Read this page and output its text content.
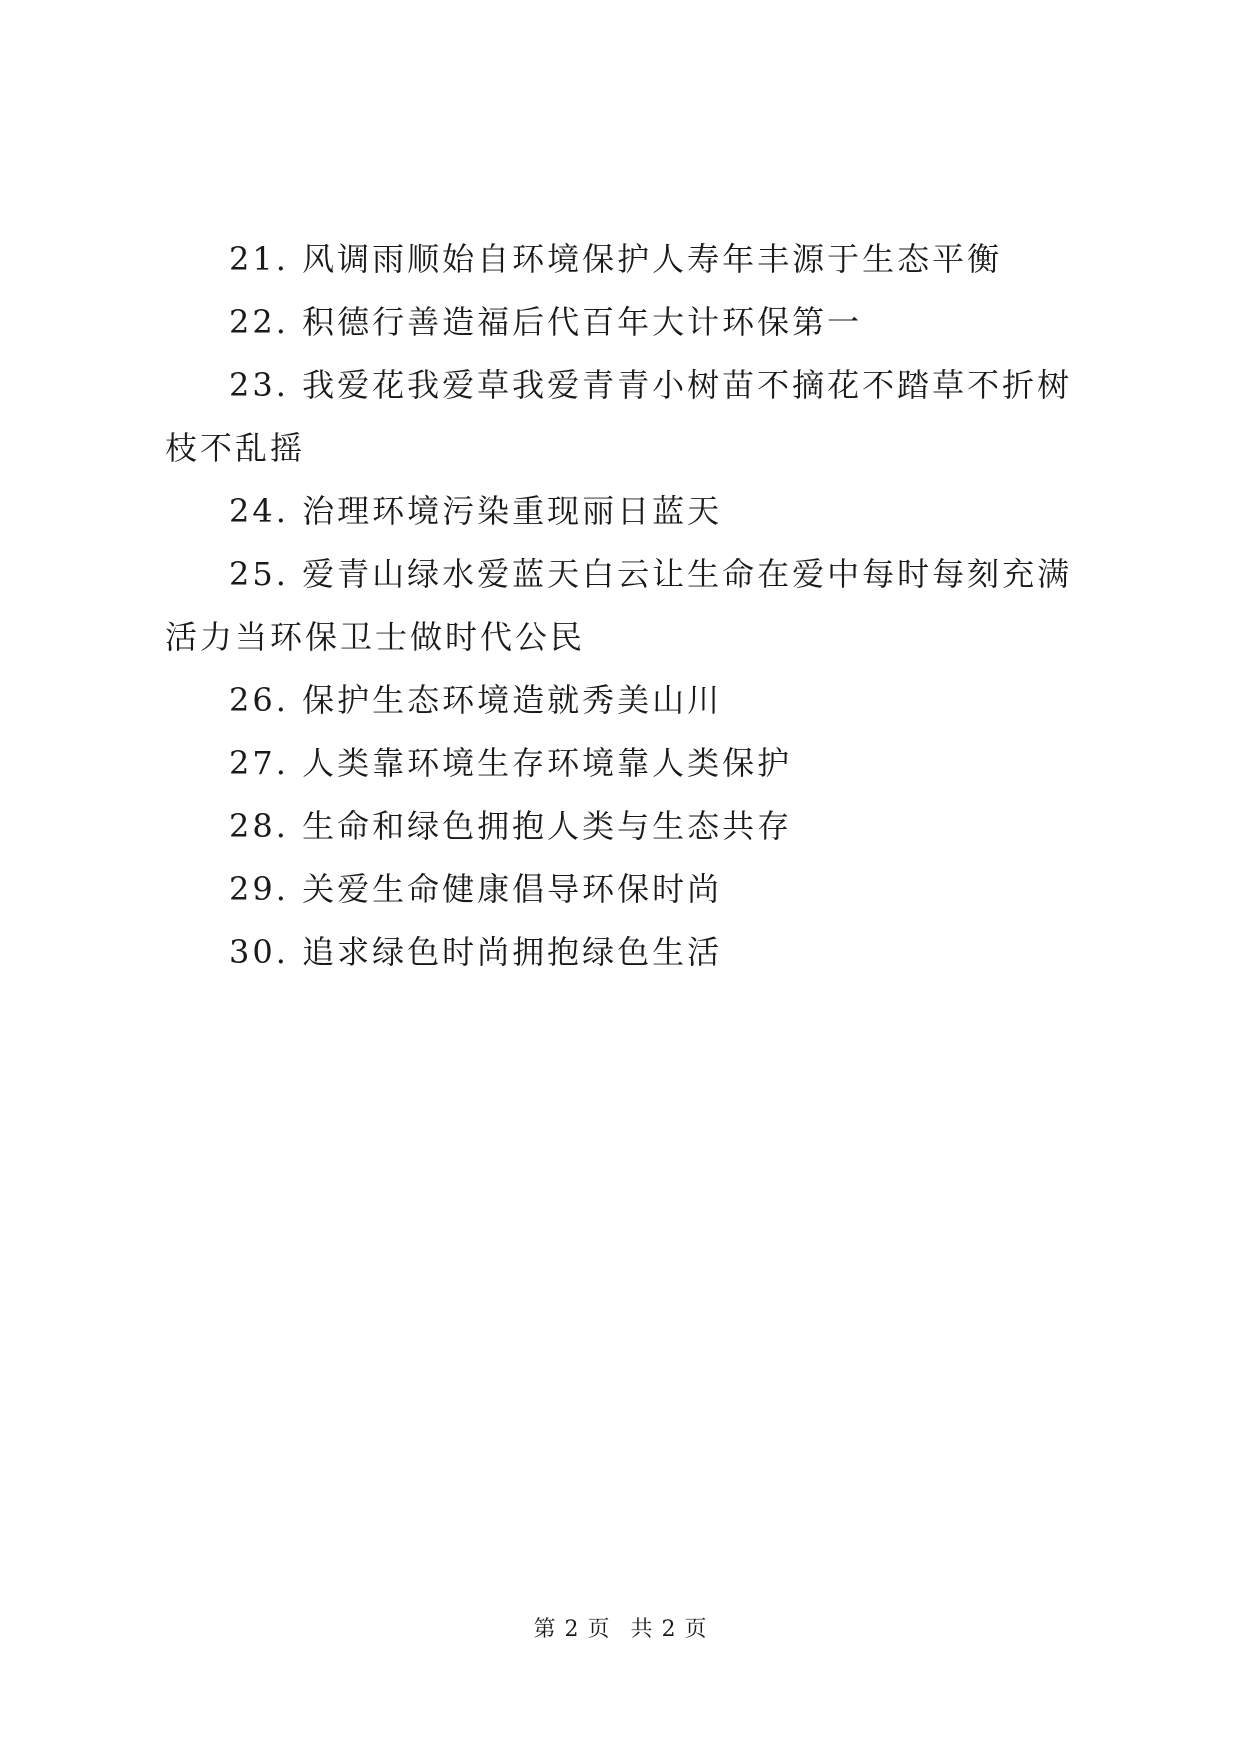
21. 风调雨顺始自环境保护人寿年丰源于生态平衡

22. 积德行善造福后代百年大计环保第一

23. 我爱花我爱草我爱青青小树苗不摘花不踏草不折树枝不乱摇

24. 治理环境污染重现丽日蓝天

25. 爱青山绿水爱蓝天白云让生命在爱中每时每刻充满活力当环保卫士做时代公民

26. 保护生态环境造就秀美山川

27. 人类靠环境生存环境靠人类保护

28. 生命和绿色拥抱人类与生态共存

29. 关爱生命健康倡导环保时尚

30. 追求绿色时尚拥抱绿色生活

第 2 页 共 2 页
